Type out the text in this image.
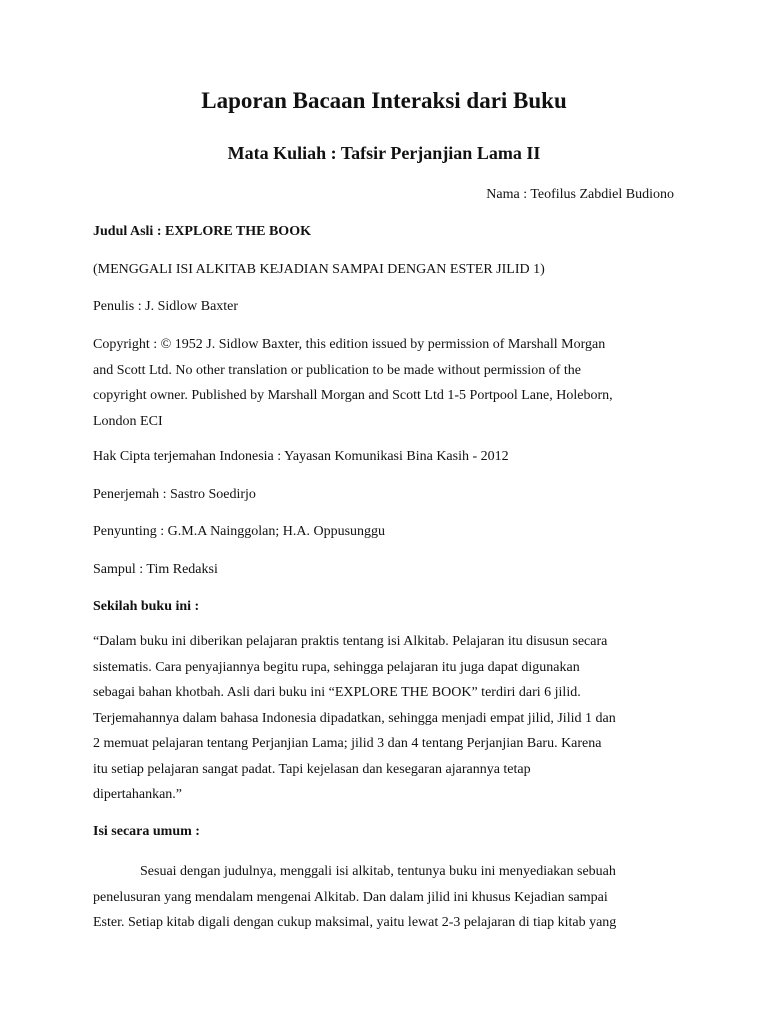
Laporan Bacaan Interaksi dari Buku
Mata Kuliah : Tafsir Perjanjian Lama II

Nama : Teofilus Zabdiel Budiono

Judul Asli : EXPLORE THE BOOK

(MENGGALI ISI ALKITAB KEJADIAN SAMPAI DENGAN ESTER JILID 1)

Penulis : J. Sidlow Baxter

Copyright : © 1952 J. Sidlow Baxter, this edition issued by permission of Marshall Morgan
and Scott Ltd. No other translation or publication to be made without permission of the
copyright owner. Published by Marshall Morgan and Scott Ltd 1-5 Portpool Lane, Holeborn,
London ECI

Hak Cipta terjemahan Indonesia : Yayasan Komunikasi Bina Kasih - 2012

Penerjemah : Sastro Soedirjo

Penyunting : G.M.A Nainggolan; H.A. Oppusunggu

Sampul : Tim Redaksi

Sekilah buku ini :

“Dalam buku ini diberikan pelajaran praktis tentang isi Alkitab. Pelajaran itu disusun secara
sistematis. Cara penyajiannya begitu rupa, sehingga pelajaran itu juga dapat digunakan
sebagai bahan khotbah. Asli dari buku ini “EXPLORE THE BOOK” terdiri dari 6 jilid.
Terjemahannya dalam bahasa Indonesia dipadatkan, sehingga menjadi empat jilid, Jilid 1 dan
2 memuat pelajaran tentang Perjanjian Lama; jilid 3 dan 4 tentang Perjanjian Baru. Karena
itu setiap pelajaran sangat padat. Tapi kejelasan dan kesegaran ajarannya tetap
dipertahankan.”

Isi secara umum :

Sesuai dengan judulnya, menggali isi alkitab, tentunya buku ini menyediakan sebuah
penelusuran yang mendalam mengenai Alkitab. Dan dalam jilid ini khusus Kejadian sampai
Ester. Setiap kitab digali dengan cukup maksimal, yaitu lewat 2-3 pelajaran di tiap kitab yang
